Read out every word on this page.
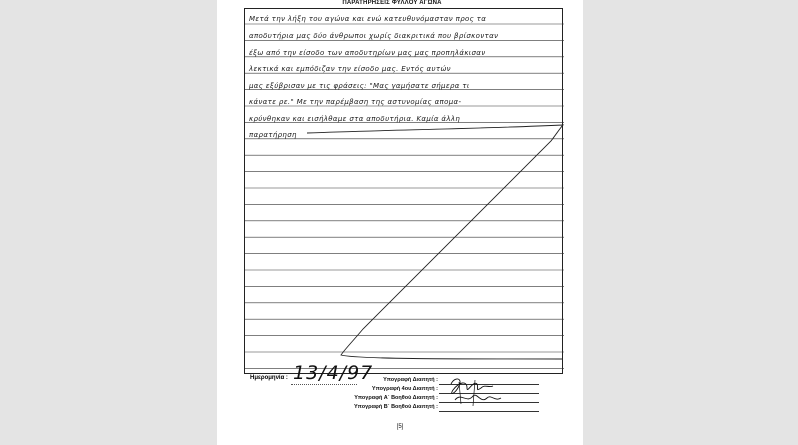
ΠΑΡΑΤΗΡΗΣΕΙΣ ΦΥΛΛΟΥ ΑΓΩΝΑ
Μετά την λήξη του αγώνα και ενώ κατευθυνόμασταν προς τα
αποδυτήρια μας δύο άνθρωποι χωρίς διακριτικά που βρίσκονταν
έξω από την είσοδο των αποδυτηρίων μας μας προπηλάκισαν
λεκτικά και εμπόδιζαν την είσοδο μας. Εντός αυτών
μας εξύβρισαν με τις φράσεις: "Μας γαμήσατε σήμερα τι
κάνατε ρε." Με την παρέμβαση της αστυνομίας απομα-
κρύνθηκαν και εισήλθαμε στα αποδυτήρια. Καμία άλλη
παρατήρηση
Ημερομηνία : 13/4/97	Υπογραφή Διαιτητή :
Υπογραφή 4ου Διαιτητή :
Υπογραφή Α΄ Βοηθού Διαιτητή :
Υπογραφή Β΄ Βοηθού Διαιτητή :
[5]
